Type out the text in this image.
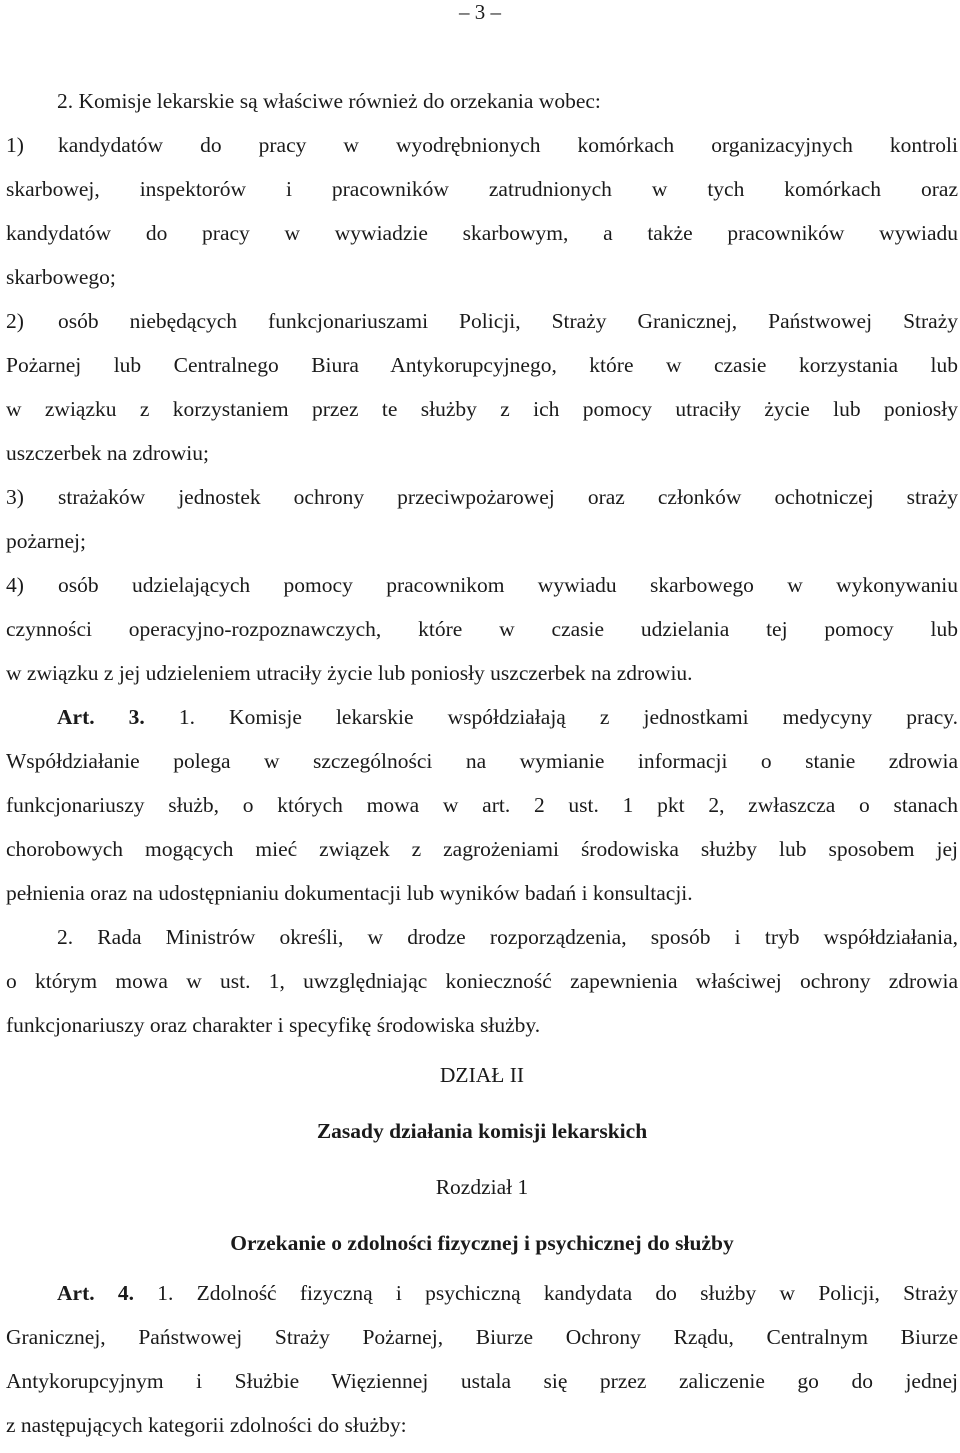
– 3 –
2. Komisje lekarskie są właściwe również do orzekania wobec:
1)	kandydatów do pracy w wyodrębnionych komórkach organizacyjnych kontroli
skarbowej, inspektorów i pracowników zatrudnionych w tych komórkach oraz
kandydatów do pracy w wywiadzie skarbowym, a także pracowników wywiadu
skarbowego;
2)	osób niebędących funkcjonariuszami Policji, Straży Granicznej, Państwowej Straży
Pożarnej lub Centralnego Biura Antykorupcyjnego, które w czasie korzystania lub
w związku z korzystaniem przez te służby z ich pomocy utraciły życie lub poniosły
uszczerbek na zdrowiu;
3)	strażaków jednostek ochrony przeciwpożarowej oraz członków ochotniczej straży
pożarnej;
4)	osób udzielających pomocy pracownikom wywiadu skarbowego w wykonywaniu
czynności operacyjno-rozpoznawczych, które w czasie udzielania tej pomocy lub
w związku z jej udzieleniem utraciły życie lub poniosły uszczerbek na zdrowiu.
Art. 3. 1. Komisje lekarskie współdziałają z jednostkami medycyny pracy.
Współdziałanie polega w szczególności na wymianie informacji o stanie zdrowia
funkcjonariuszy służb, o których mowa w art. 2 ust. 1 pkt 2, zwłaszcza o stanach
chorobowych mogących mieć związek z zagrożeniami środowiska służby lub sposobem jej
pełnienia oraz na udostępnianiu dokumentacji lub wyników badań i konsultacji.
2. Rada Ministrów określi, w drodze rozporządzenia, sposób i tryb współdziałania,
o którym mowa w ust. 1, uwzględniając konieczność zapewnienia właściwej ochrony zdrowia
funkcjonariuszy oraz charakter i specyfikę środowiska służby.
DZIAŁ II
Zasady działania komisji lekarskich
Rozdział 1
Orzekanie o zdolności fizycznej i psychicznej do służby
Art. 4. 1. Zdolność fizyczną i psychiczną kandydata do służby w Policji, Straży
Granicznej, Państwowej Straży Pożarnej, Biurze Ochrony Rządu, Centralnym Biurze
Antykorupcyjnym i Służbie Więziennej ustala się przez zaliczenie go do jednej
z następujących kategorii zdolności do służby:
